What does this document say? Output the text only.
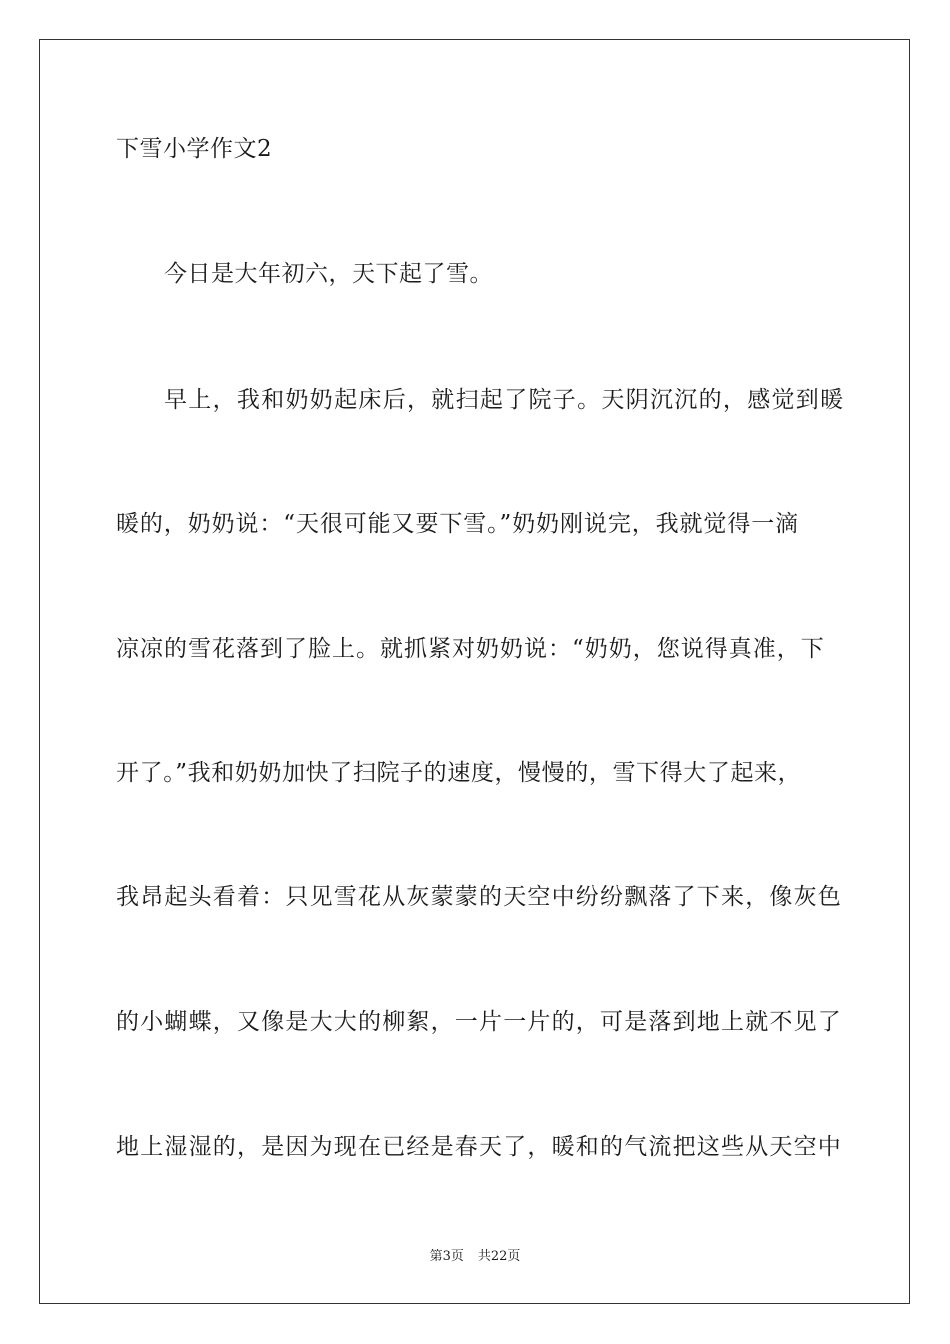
下雪小学作文2
今日是大年初六，天下起了雪。
早上，我和奶奶起床后，就扫起了院子。天阴沉沉的，感觉到暖
暖的，奶奶说：“天很可能又要下雪。”奶奶刚说完，我就觉得一滴
凉凉的雪花落到了脸上。就抓紧对奶奶说：“奶奶，您说得真准，下
开了。”我和奶奶加快了扫院子的速度，慢慢的，雪下得大了起来，
我昂起头看着：只见雪花从灰蒙蒙的天空中纷纷飘落了下来，像灰色
的小蝴蝶，又像是大大的柳絮，一片一片的，可是落到地上就不见了
地上湿湿的，是因为现在已经是春天了，暖和的气流把这些从天空中
第3页 共22页
